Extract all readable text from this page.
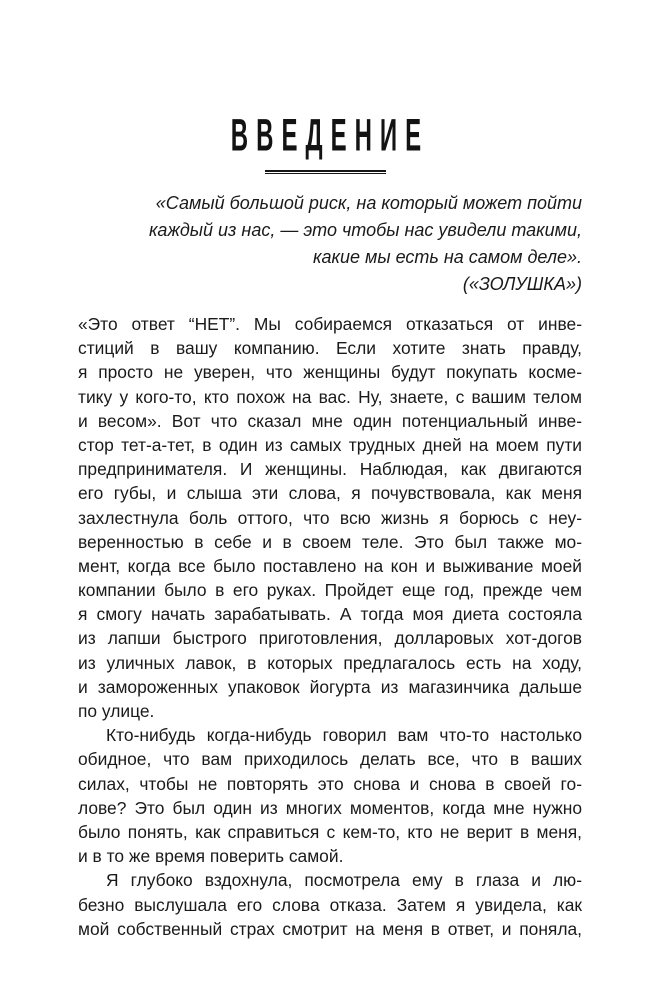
ВВЕДЕНИЕ
«Самый большой риск, на который может пойти
каждый из нас, — это чтобы нас увидели такими,
какие мы есть на самом деле».
(«ЗОЛУШКА»)
«Это ответ “НЕТ”. Мы собираемся отказаться от инве-
стиций в вашу компанию. Если хотите знать правду,
я просто не уверен, что женщины будут покупать косме-
тику у кого-то, кто похож на вас. Ну, знаете, с вашим телом
и весом». Вот что сказал мне один потенциальный инве-
стор тет-а-тет, в один из самых трудных дней на моем пути
предпринимателя. И женщины. Наблюдая, как двигаются
его губы, и слыша эти слова, я почувствовала, как меня
захлестнула боль оттого, что всю жизнь я борюсь с неу-
веренностью в себе и в своем теле. Это был также мо-
мент, когда все было поставлено на кон и выживание моей
компании было в его руках. Пройдет еще год, прежде чем
я смогу начать зарабатывать. А тогда моя диета состояла
из лапши быстрого приготовления, долларовых хот-догов
из уличных лавок, в которых предлагалось есть на ходу,
и замороженных упаковок йогурта из магазинчика дальше
по улице.
Кто-нибудь когда-нибудь говорил вам что-то настолько
обидное, что вам приходилось делать все, что в ваших
силах, чтобы не повторять это снова и снова в своей го-
лове? Это был один из многих моментов, когда мне нужно
было понять, как справиться с кем-то, кто не верит в меня,
и в то же время поверить самой.
Я глубоко вздохнула, посмотрела ему в глаза и лю-
безно выслушала его слова отказа. Затем я увидела, как
мой собственный страх смотрит на меня в ответ, и поняла,
